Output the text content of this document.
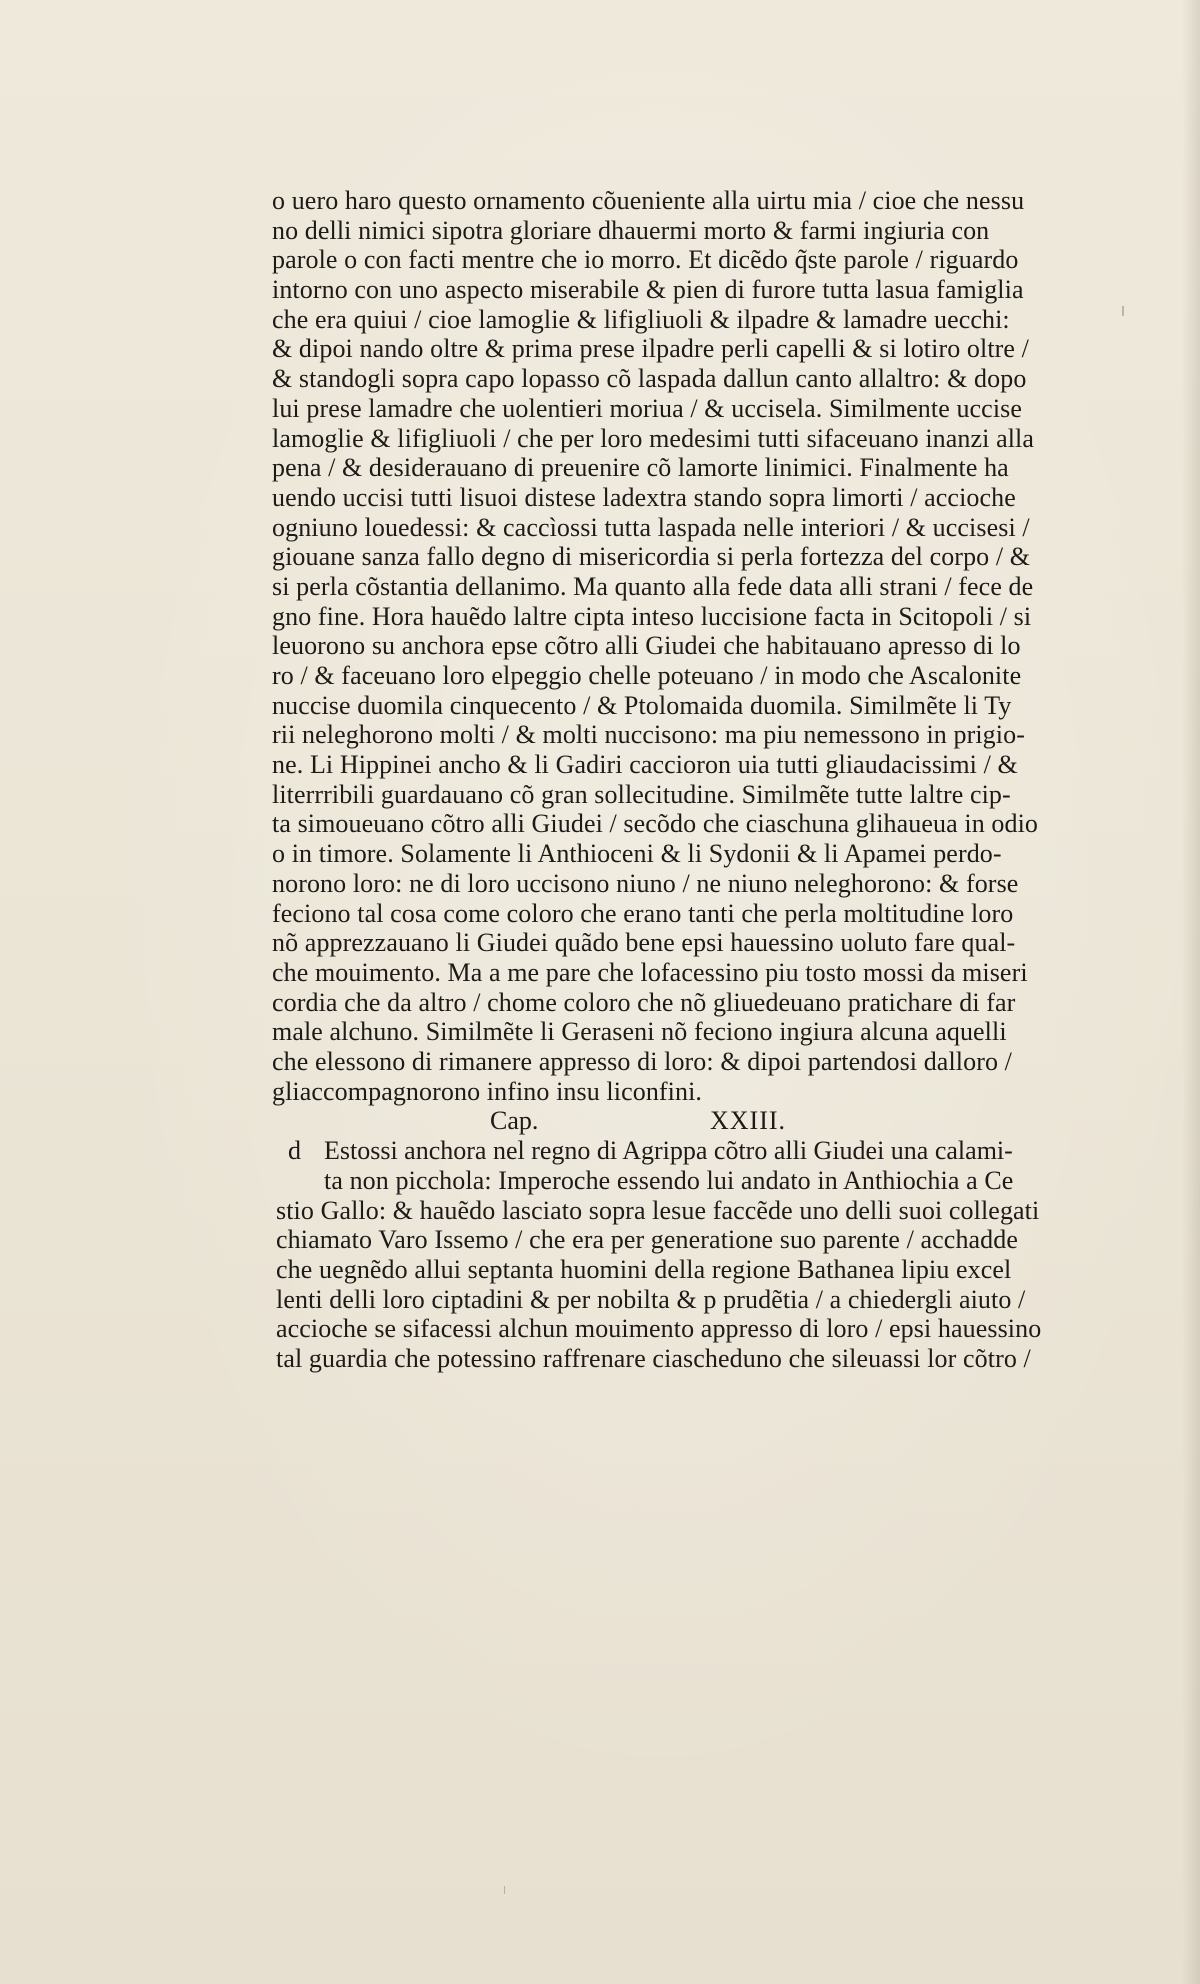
o uero haro questo ornamento cõueniente alla uirtu mia / cioe che nessu
no delli nimici sipotra gloriare dhauermi morto & farmi ingiuria con
parole o con facti mentre che io morro. Et dicẽdo q̃ste parole / riguardo
intorno con uno aspecto miserabile & pien di furore tutta lasua famiglia
che era quiui / cioe lamoglie & lifigliuoli & ilpadre & lamadre uecchi:
& dipoi nando oltre & prima prese ilpadre perli capelli & si lotiro oltre /
& standogli sopra capo lopasso cõ laspada dallun canto allaltro: & dopo
lui prese lamadre che uolentieri moriua / & uccisela. Similmente uccise
lamoglie & lifigliuoli / che per loro medesimi tutti sifaceuano inanzi alla
pena / & desiderauano di preuenire cõ lamorte linimici. Finalmente ha
uendo uccisi tutti lisuoi distese ladextra stando sopra limorti / accioche
ogniuno louedessi: & caccìossi tutta laspada nelle interiori / & uccisesi /
giouane sanza fallo degno di misericordia si perla fortezza del corpo / &
si perla cõstantia dellanimo. Ma quanto alla fede data alli strani / fece de
gno fine. Hora hauẽdo laltre cipta inteso luccisione facta in Scitopoli / si
leuorono su anchora epse cõtro alli Giudei che habitauano apresso di lo
ro / & faceuano loro elpeggio chelle poteuano / in modo che Ascalonite
nuccise duomila cinquecento / & Ptolomaida duomila. Similmẽte li Ty
rii neleghorono molti / & molti nuccisono: ma piu nemessono in prigio-
ne. Li Hippinei ancho & li Gadiri caccioron uia tutti gliaudacissimi / &
literrribili guardauano cõ gran sollecitudine. Similmẽte tutte laltre cip-
ta simoueuano cõtro alli Giudei / secõdo che ciaschuna glihaueua in odio
o in timore. Solamente li Anthioceni & li Sydonii & li Apamei perdo-
norono loro: ne di loro uccisono niuno / ne niuno neleghorono: & forse
feciono tal cosa come coloro che erano tanti che perla moltitudine loro
nõ apprezzauano li Giudei quãdo bene epsi hauessino uoluto fare qual-
che mouimento. Ma a me pare che lofacessino piu tosto mossi da miseri
cordia che da altro / chome coloro che nõ gliuedeuano pratichare di far
male alchuno. Similmẽte li Geraseni nõ feciono ingiura alcuna aquelli
che elessono di rimanere appresso di loro: & dipoi partendosi dalloro /
gliaccompagnorono infino insu liconfini.
Cap.	XXIII.
d Estossi anchora nel regno di Agrippa cõtro alli Giudei una calami-
ta non picchola: Imperoche essendo lui andato in Anthiochia a Ce
stio Gallo: & hauẽdo lasciato sopra lesue faccẽde uno delli suoi collegati
chiamato Varo Issemo / che era per generatione suo parente / acchadde
che uegnẽdo allui septanta huomini della regione Bathanea lipiu excel
lenti delli loro ciptadini & per nobilta & p prudẽtia / a chiedergli aiuto /
accioche se sifacessi alchun mouimento appresso di loro / epsi hauessino
tal guardia che potessino raffrenare ciascheduno che sileuassi lor cõtro /
